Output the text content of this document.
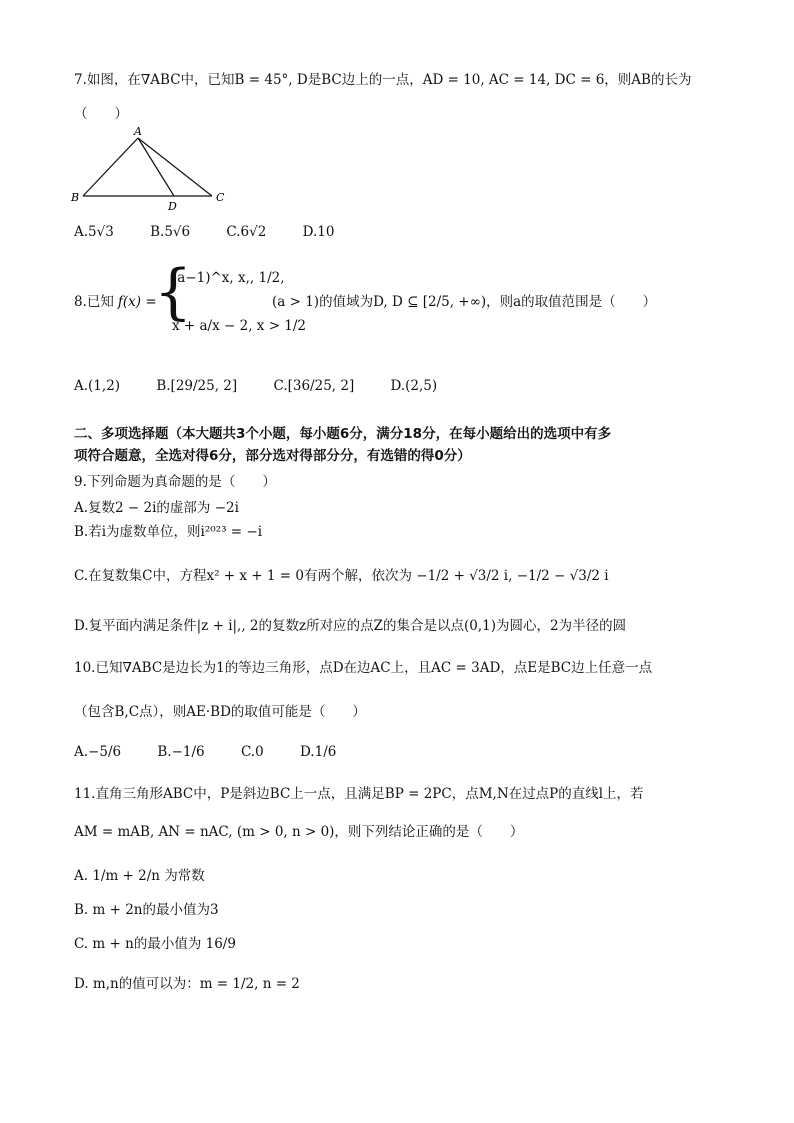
7.如图，在∇ABC中，已知B = 45°, D是BC边上的一点，AD = 10, AC = 14, DC = 6，则AB的长为
（　　）
A
B	C
D
A.5√3	B.5√6	C.6√2	D.10
8.已知 f(x) =
{
(a−1)^x, x,, 1/2,
x + a/x − 2, x > 1/2
(a > 1)的值域为D, D ⊆ [2/5, +∞)，则a的取值范围是（　　）
A.(1,2)	B.[29/25, 2]	C.[36/25, 2]	D.(2,5)
二、多项选择题（本大题共3个小题，每小题6分，满分18分，在每小题给出的选项中有多
项符合题意，全选对得6分，部分选对得部分分，有选错的得0分）
9.下列命题为真命题的是（　　）
A.复数2 − 2i的虚部为 −2i
B.若i为虚数单位，则i²⁰²³ = −i
C.在复数集C中，方程x² + x + 1 = 0有两个解，依次为 −1/2 + √3/2 i, −1/2 − √3/2 i
D.复平面内满足条件|z + i|,, 2的复数z所对应的点Z的集合是以点(0,1)为圆心，2为半径的圆
10.已知∇ABC是边长为1的等边三角形，点D在边AC上，且AC = 3AD，点E是BC边上任意一点
（包含B,C点），则AE·BD的取值可能是（　　）
A.−5/6	B.−1/6	C.0	D.1/6
11.直角三角形ABC中，P是斜边BC上一点，且满足BP = 2PC，点M,N在过点P的直线l上，若
AM = mAB, AN = nAC, (m > 0, n > 0)，则下列结论正确的是（　　）
A. 1/m + 2/n 为常数
B. m + 2n的最小值为3
C. m + n的最小值为 16/9
D. m,n的值可以为：m = 1/2, n = 2
